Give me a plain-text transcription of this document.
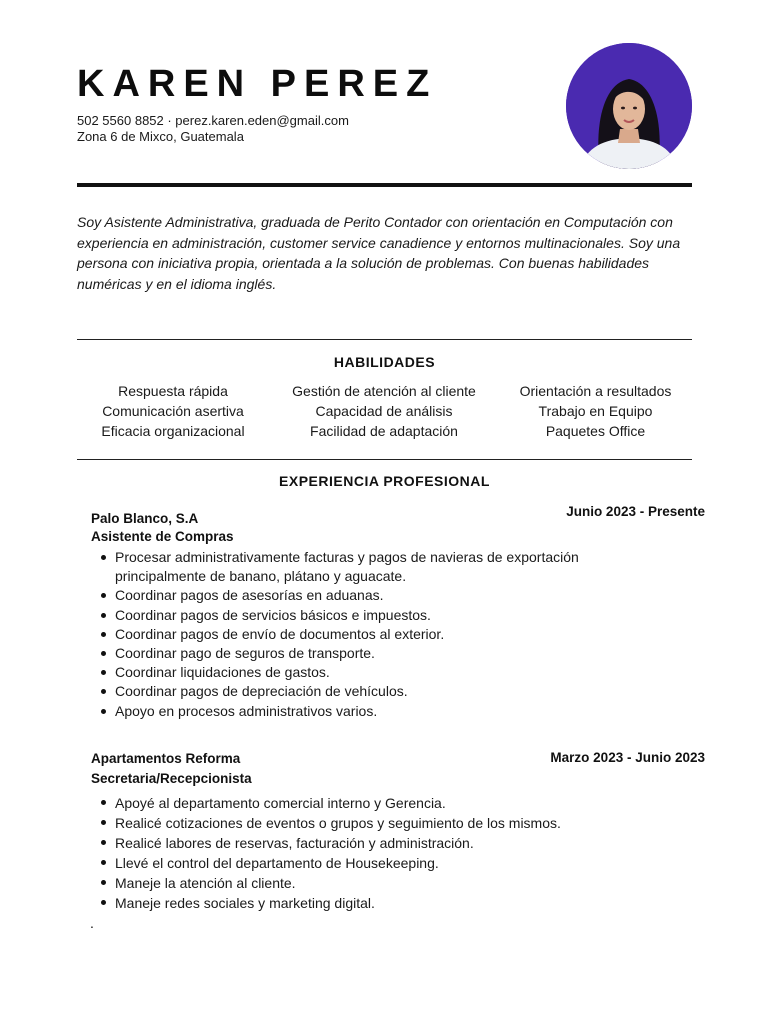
KAREN PEREZ
502 5560 8852 · perez.karen.eden@gmail.com
Zona 6 de Mixco, Guatemala

Soy Asistente Administrativa, graduada de Perito Contador con orientación en Computación con experiencia en administración, customer service canadience y entornos multinacionales. Soy una persona con iniciativa propia, orientada a la solución de problemas. Con buenas habilidades numéricas y en el idioma inglés.

HABILIDADES
Respuesta rápida	Gestión de atención al cliente	Orientación a resultados
Comunicación asertiva	Capacidad de análisis	Trabajo en Equipo
Eficacia organizacional	Facilidad de adaptación	Paquetes Office
EXPERIENCIA PROFESIONAL
Junio 2023 - Presente
Palo Blanco, S.A
Asistente de Compras
Procesar administrativamente facturas y pagos de navieras de exportación principalmente de banano, plátano y aguacate.
Coordinar pagos de asesorías en aduanas.
Coordinar pagos de servicios básicos e impuestos.
Coordinar pagos de envío de documentos al exterior.
Coordinar pago de seguros de transporte.
Coordinar liquidaciones de gastos.
Coordinar pagos de depreciación de vehículos.
Apoyo en procesos administrativos varios.
Marzo 2023 - Junio 2023
Apartamentos Reforma
Secretaria/Recepcionista
Apoyé al departamento comercial interno y Gerencia.
Realicé cotizaciones de eventos o grupos y seguimiento de los mismos.
Realicé labores de reservas, facturación y administración.
Llevé el control del departamento de Housekeeping.
Maneje la atención al cliente.
Maneje redes sociales y marketing digital.
.
